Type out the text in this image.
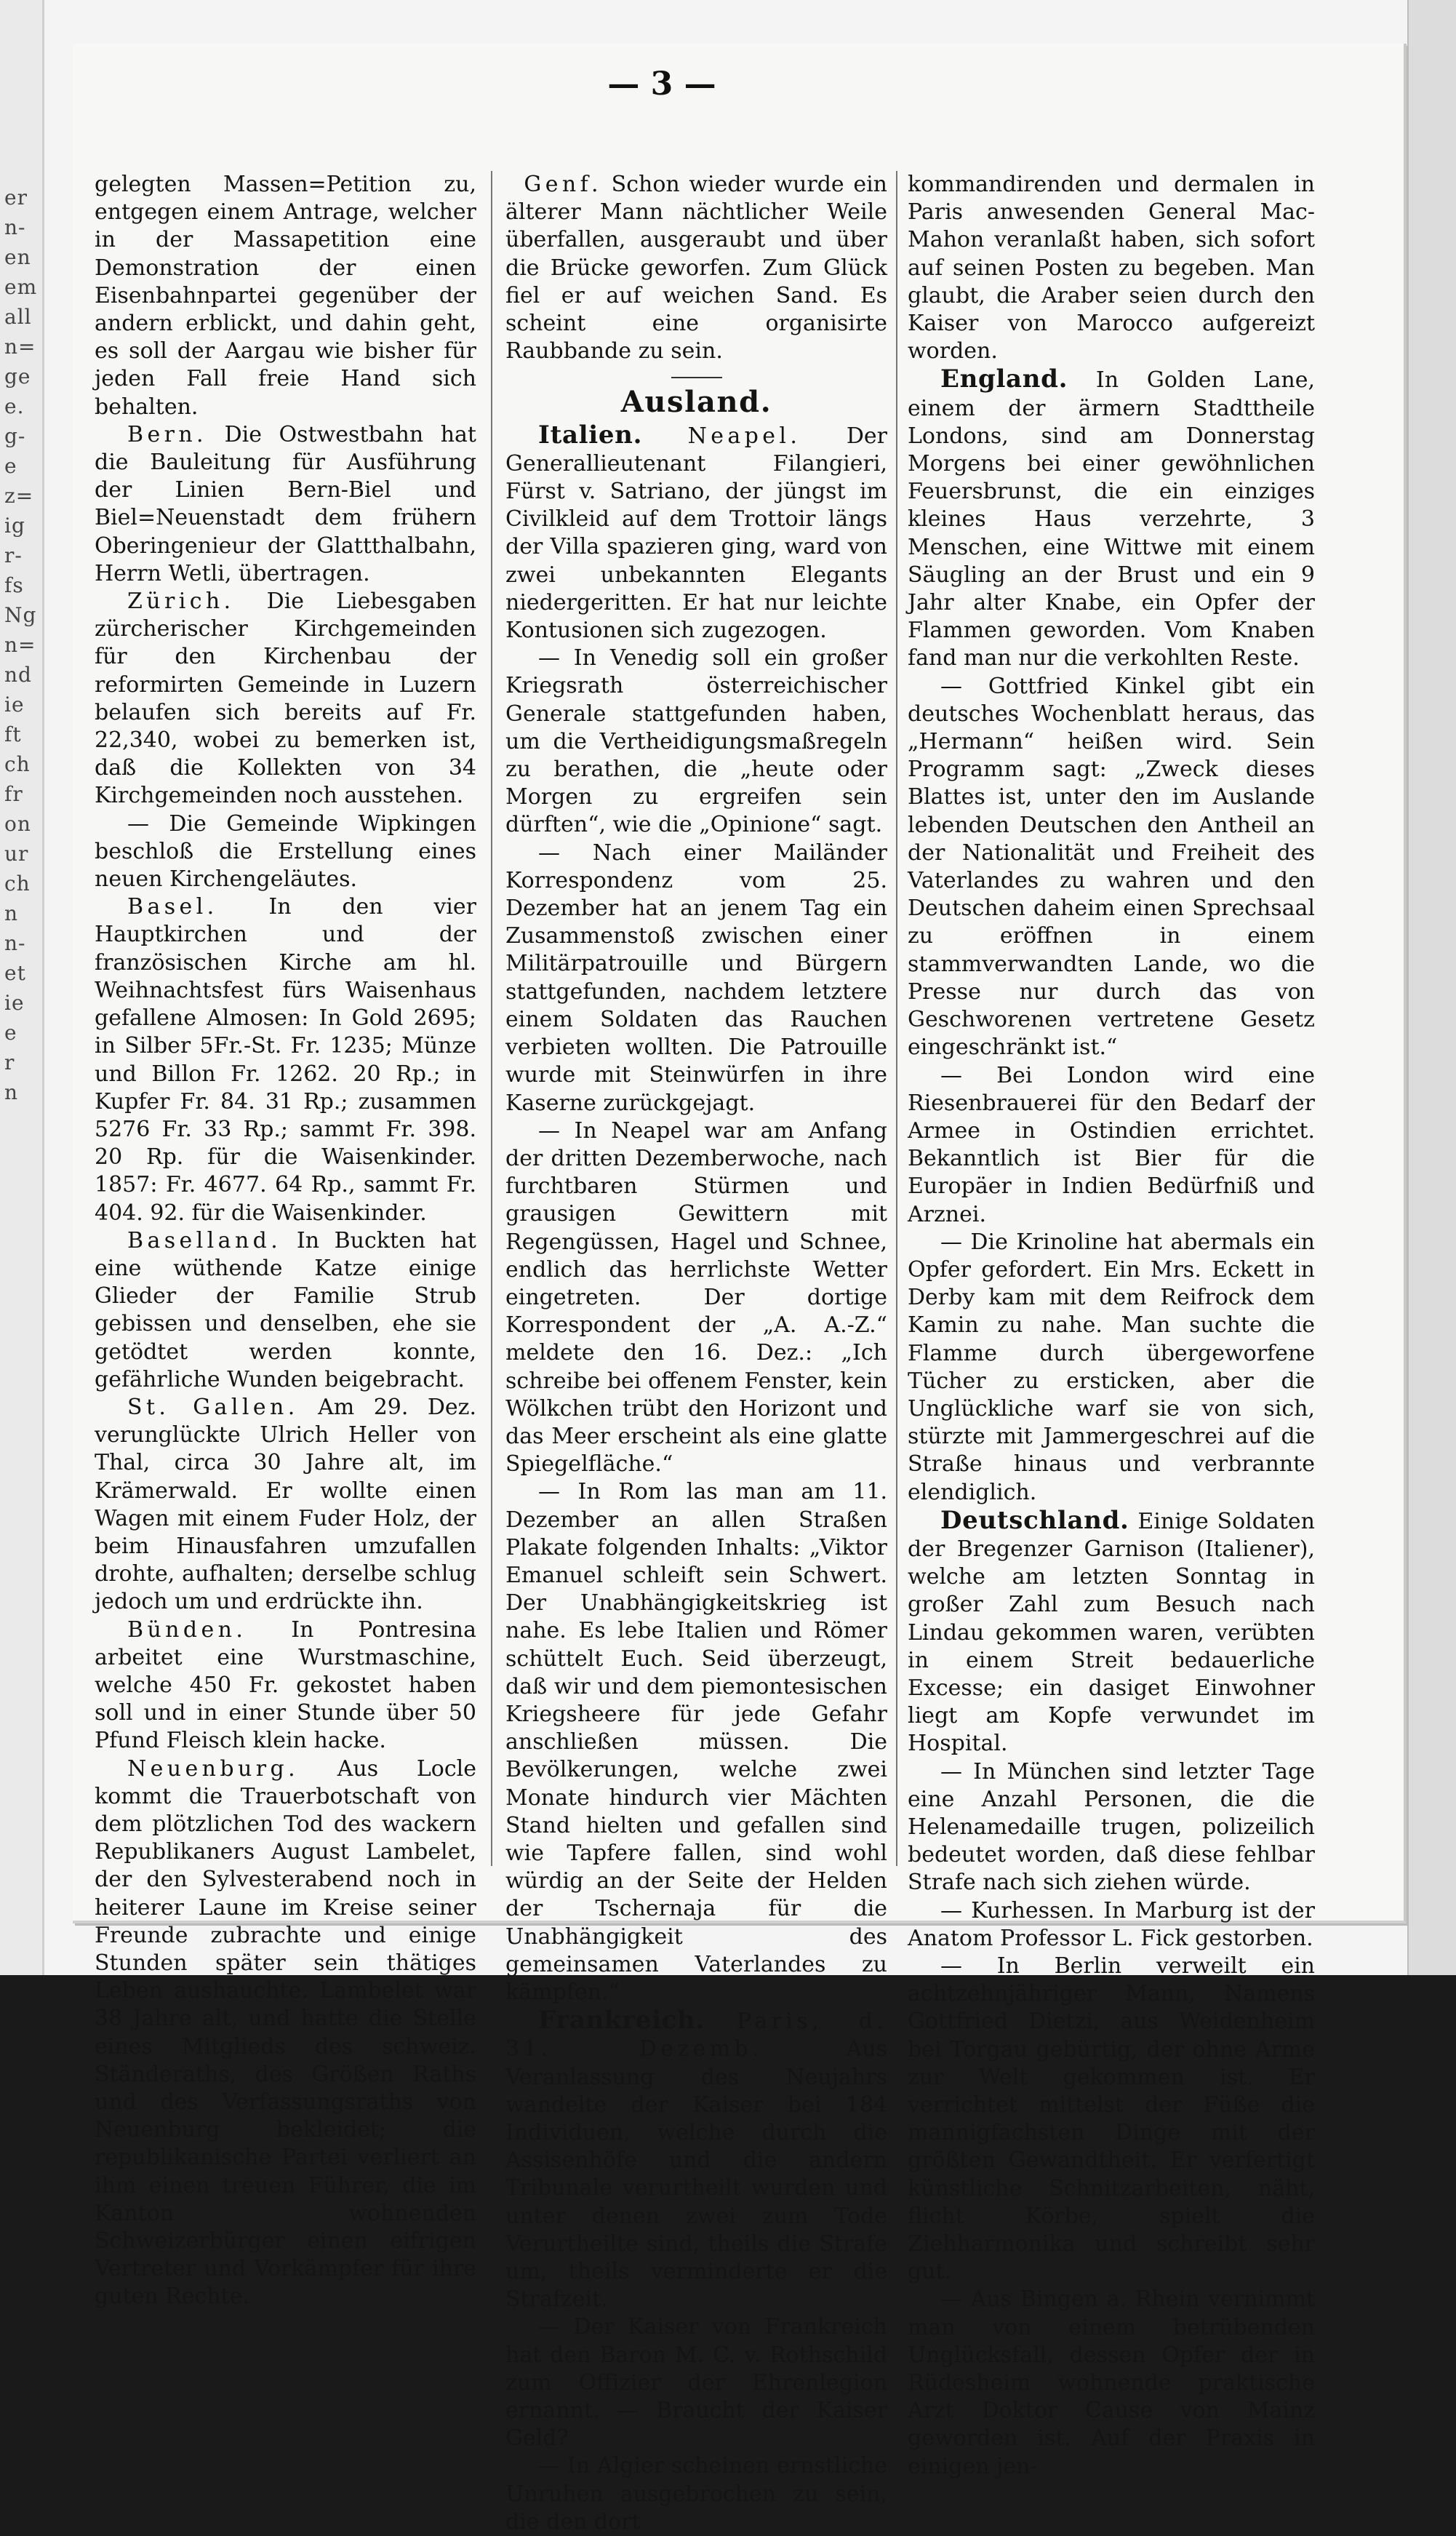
er
n-
en
em
all
n=
ge
e.
g-
e
z=
ig
r-
fs
Ng
n=
nd
ie
ft
ch
fr
on
ur
ch
n
n-
et
ie
e
r
n
— 3 —

gelegten Massen=Petition zu, entgegen einem Antrage, welcher in der Massapetition eine Demonstration der einen Eisenbahnpartei gegenüber der andern erblickt, und dahin geht, es soll der Aargau wie bisher für jeden Fall freie Hand sich behalten.

Bern. Die Ostwestbahn hat die Bauleitung für Ausführung der Linien Bern-Biel und Biel=Neuenstadt dem frühern Oberingenieur der Glattthalbahn, Herrn Wetli, übertragen.

Zürich. Die Liebesgaben zürcherischer Kirchgemeinden für den Kirchenbau der reformirten Gemeinde in Luzern belaufen sich bereits auf Fr. 22,340, wobei zu bemerken ist, daß die Kollekten von 34 Kirchgemeinden noch ausstehen.

— Die Gemeinde Wipkingen beschloß die Erstellung eines neuen Kirchengeläutes.

Basel. In den vier Hauptkirchen und der französischen Kirche am hl. Weihnachtsfest fürs Waisenhaus gefallene Almosen: In Gold 2695; in Silber 5Fr.-St. Fr. 1235; Münze und Billon Fr. 1262. 20 Rp.; in Kupfer Fr. 84. 31 Rp.; zusammen 5276 Fr. 33 Rp.; sammt Fr. 398. 20 Rp. für die Waisenkinder. 1857: Fr. 4677. 64 Rp., sammt Fr. 404. 92. für die Waisenkinder.

Baselland. In Buckten hat eine wüthende Katze einige Glieder der Familie Strub gebissen und denselben, ehe sie getödtet werden konnte, gefährliche Wunden beigebracht.

St. Gallen. Am 29. Dez. verunglückte Ulrich Heller von Thal, circa 30 Jahre alt, im Krämerwald. Er wollte einen Wagen mit einem Fuder Holz, der beim Hinausfahren umzufallen drohte, aufhalten; derselbe schlug jedoch um und erdrückte ihn.

Bünden. In Pontresina arbeitet eine Wurstmaschine, welche 450 Fr. gekostet haben soll und in einer Stunde über 50 Pfund Fleisch klein hacke.

Neuenburg. Aus Locle kommt die Trauerbotschaft von dem plötzlichen Tod des wackern Republikaners August Lambelet, der den Sylvesterabend noch in heiterer Laune im Kreise seiner Freunde zubrachte und einige Stunden später sein thätiges Leben aushauchte. Lambelet war 38 Jahre alt, und hatte die Stelle eines Mitglieds des schweiz. Ständeraths, des Größen Raths und des Verfassungsraths von Neuenburg bekleidet; die republikanische Partei verliert an ihm einen treuen Führer, die im Kanton wohnenden Schweizerbürger einen eifrigen Vertreter und Vorkämpfer für ihre guten Rechte.

Genf. Schon wieder wurde ein älterer Mann nächtlicher Weile überfallen, ausgeraubt und über die Brücke geworfen. Zum Glück fiel er auf weichen Sand. Es scheint eine organisirte Raubbande zu sein.

Ausland.

Italien. Neapel. Der Generallieutenant Filangieri, Fürst v. Satriano, der jüngst im Civilkleid auf dem Trottoir längs der Villa spazieren ging, ward von zwei unbekannten Elegants niedergeritten. Er hat nur leichte Kontusionen sich zugezogen.

— In Venedig soll ein großer Kriegsrath österreichischer Generale stattgefunden haben, um die Vertheidigungsmaßregeln zu berathen, die „heute oder Morgen zu ergreifen sein dürften“, wie die „Opinione“ sagt.

— Nach einer Mailänder Korrespondenz vom 25. Dezember hat an jenem Tag ein Zusammenstoß zwischen einer Militärpatrouille und Bürgern stattgefunden, nachdem letztere einem Soldaten das Rauchen verbieten wollten. Die Patrouille wurde mit Steinwürfen in ihre Kaserne zurückgejagt.

— In Neapel war am Anfang der dritten Dezemberwoche, nach furchtbaren Stürmen und grausigen Gewittern mit Regengüssen, Hagel und Schnee, endlich das herrlichste Wetter eingetreten. Der dortige Korrespondent der „A. A.-Z.“ meldete den 16. Dez.: „Ich schreibe bei offenem Fenster, kein Wölkchen trübt den Horizont und das Meer erscheint als eine glatte Spiegelfläche.“

— In Rom las man am 11. Dezember an allen Straßen Plakate folgenden Inhalts: „Viktor Emanuel schleift sein Schwert. Der Unabhängigkeitskrieg ist nahe. Es lebe Italien und Römer schüttelt Euch. Seid überzeugt, daß wir und dem piemontesischen Kriegsheere für jede Gefahr anschließen müssen. Die Bevölkerungen, welche zwei Monate hindurch vier Mächten Stand hielten und gefallen sind wie Tapfere fallen, sind wohl würdig an der Seite der Helden der Tschernaja für die Unabhängigkeit des gemeinsamen Vaterlandes zu kämpfen.“

Frankreich. Paris, d. 31. Dezemb.	Aus Veranlassung des Neujahrs wandelte der Kaiser bei 184 Individuen, welche durch die Assisenhöfe und die andern Tribunale verurtheilt wurden und unter denen zwei zum Tode Verurtheilte sind, theils die Strafe um, theils verminderte er die Strafzeit.

— Der Kaiser von Frankreich hat den Baron M. C. v. Rothschild zum Offizier der Ehrenlegion ernannt. — Braucht der Kaiser Geld?

— In Algier scheinen ernstliche Unruhen ausgebrochen zu sein, die den dort

kommandirenden und dermalen in Paris anwesenden General Mac-Mahon veranlaßt haben, sich sofort auf seinen Posten zu begeben. Man glaubt, die Araber seien durch den Kaiser von Marocco aufgereizt worden.

England. In Golden Lane, einem der ärmern Stadttheile Londons, sind am Donnerstag Morgens bei einer gewöhnlichen Feuersbrunst, die ein einziges kleines Haus verzehrte, 3 Menschen, eine Wittwe mit einem Säugling an der Brust und ein 9 Jahr alter Knabe, ein Opfer der Flammen geworden. Vom Knaben fand man nur die verkohlten Reste.

— Gottfried Kinkel gibt ein deutsches Wochenblatt heraus, das „Hermann“ heißen wird. Sein Programm sagt: „Zweck dieses Blattes ist, unter den im Auslande lebenden Deutschen den Antheil an der Nationalität und Freiheit des Vaterlandes zu wahren und den Deutschen daheim einen Sprechsaal zu eröffnen in einem stammverwandten Lande, wo die Presse nur durch das von Geschworenen vertretene Gesetz eingeschränkt ist.“

— Bei London wird eine Riesenbrauerei für den Bedarf der Armee in Ostindien errichtet. Bekanntlich ist Bier für die Europäer in Indien Bedürfniß und Arznei.

— Die Krinoline hat abermals ein Opfer gefordert. Ein Mrs. Eckett in Derby kam mit dem Reifrock dem Kamin zu nahe. Man suchte die Flamme durch übergeworfene Tücher zu ersticken, aber die Unglückliche warf sie von sich, stürzte mit Jammergeschrei auf die Straße hinaus und verbrannte elendiglich.

Deutschland. Einige Soldaten der Bregenzer Garnison (Italiener), welche am letzten Sonntag in großer Zahl zum Besuch nach Lindau gekommen waren, verübten in einem Streit bedauerliche Excesse; ein dasiget Einwohner liegt am Kopfe verwundet im Hospital.

— In München sind letzter Tage eine Anzahl Personen, die die Helenamedaille trugen, polizeilich bedeutet worden, daß diese fehlbar Strafe nach sich ziehen würde.

— Kurhessen. In Marburg ist der Anatom Professor L. Fick gestorben.

— In Berlin verweilt ein achtzehnjähriger Mann, Namens Gottfried Dietzi, aus Weidenheim bei Torgau gebürtig, der ohne Arme zur Welt gekommen ist. Er verrichtet mittelst der Füße die mannigfachsten Dinge mit der größten Gewandtheit. Er verfertigt künstliche Schnitzarbeiten, näht, flicht Körbe, spielt die Ziehharmonika und schreibt sehr gut.

— Aus Bingen a. Rhein vernimmt man von einem betrübenden Unglücksfall, dessen Opfer der in Rüdesheim wohnende praktische Arzt Doktor Cause von Mainz geworden ist. Auf der Praxis in einigen jen-
